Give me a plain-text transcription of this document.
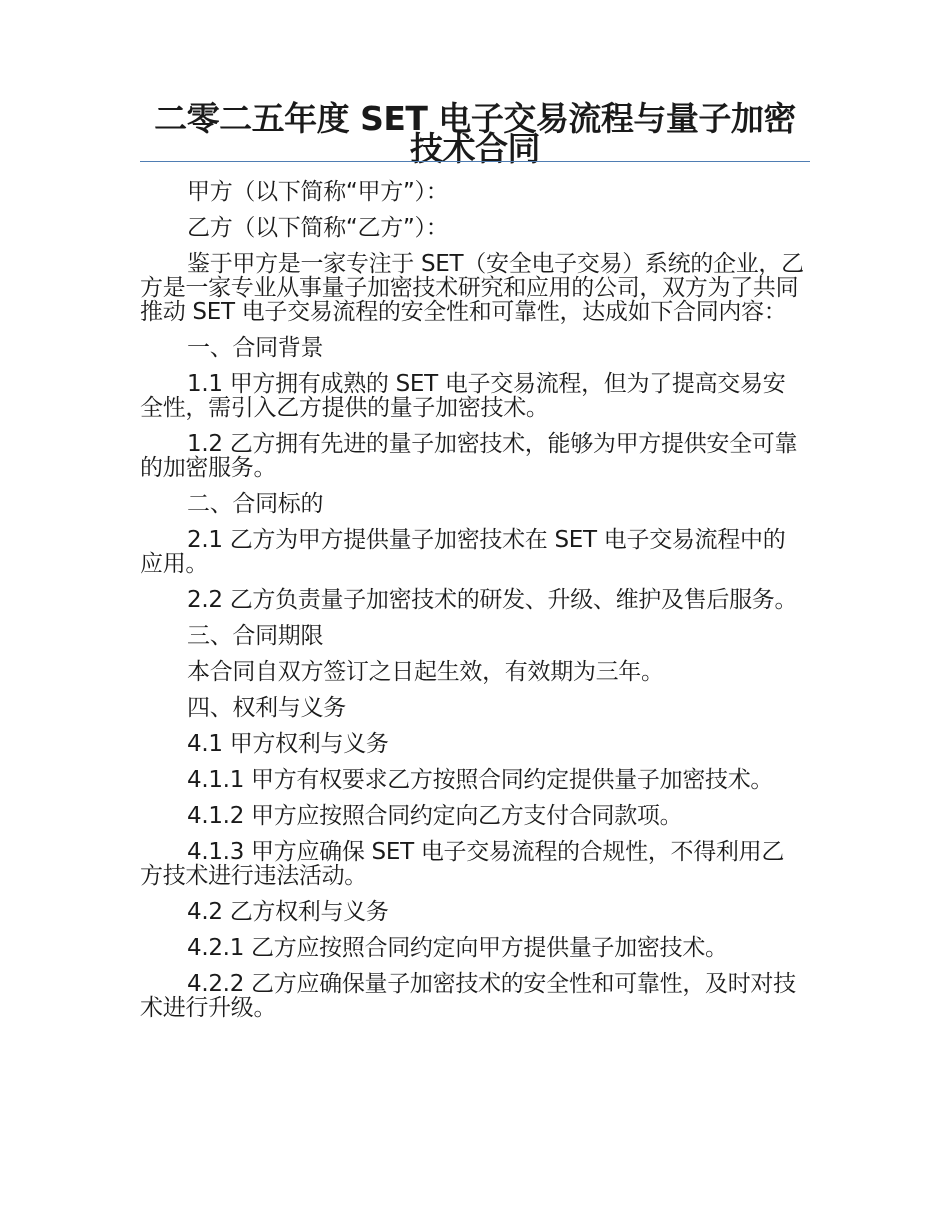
二零二五年度 SET 电子交易流程与量子加密技术合同

甲方（以下简称“甲方”）：

乙方（以下简称“乙方”）：

鉴于甲方是一家专注于 SET（安全电子交易）系统的企业，乙方是一家专业从事量子加密技术研究和应用的公司，双方为了共同推动 SET 电子交易流程的安全性和可靠性，达成如下合同内容：

一、合同背景

1.1 甲方拥有成熟的 SET 电子交易流程，但为了提高交易安全性，需引入乙方提供的量子加密技术。

1.2 乙方拥有先进的量子加密技术，能够为甲方提供安全可靠的加密服务。

二、合同标的

2.1 乙方为甲方提供量子加密技术在 SET 电子交易流程中的应用。

2.2 乙方负责量子加密技术的研发、升级、维护及售后服务。

三、合同期限

本合同自双方签订之日起生效，有效期为三年。

四、权利与义务

4.1 甲方权利与义务

4.1.1 甲方有权要求乙方按照合同约定提供量子加密技术。

4.1.2 甲方应按照合同约定向乙方支付合同款项。

4.1.3 甲方应确保 SET 电子交易流程的合规性，不得利用乙方技术进行违法活动。

4.2 乙方权利与义务

4.2.1 乙方应按照合同约定向甲方提供量子加密技术。

4.2.2 乙方应确保量子加密技术的安全性和可靠性，及时对技术进行升级。
